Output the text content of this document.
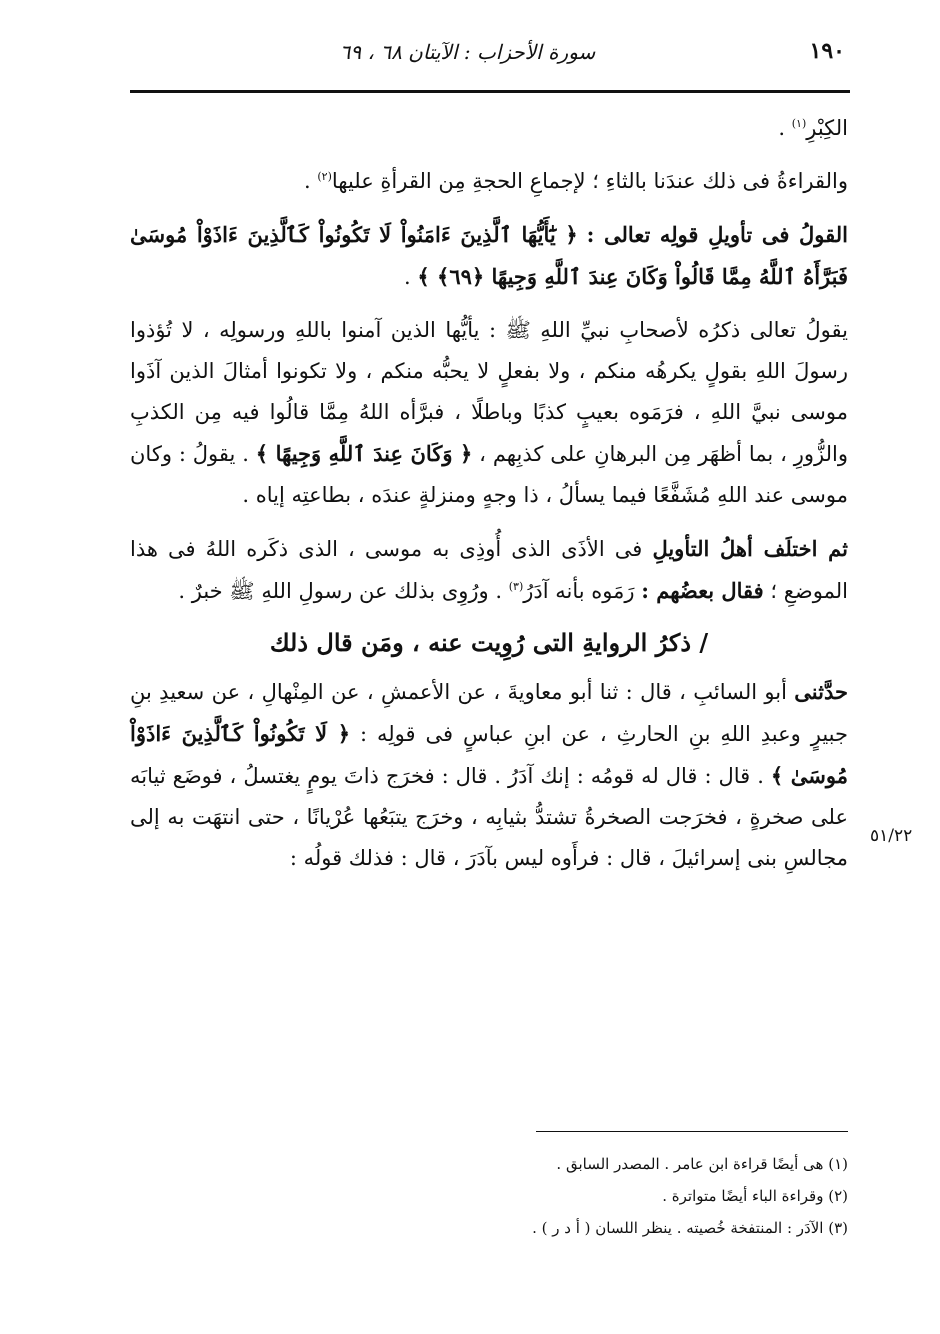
١٩٠
سورة الأحزاب : الآيتان ٦٨ ، ٦٩

الكِبْرِ$^{(١)}$ .

والقراءةُ فى ذلك عندَنا بالثاءِ ؛ لإجماعِ الحجةِ مِن القرأةِ عليها$^{(٢)}$ .

القولُ فى تأويلِ قولِه تعالى : ﴿ يَٰٓأَيُّهَا ٱلَّذِينَ ءَامَنُواْ لَا تَكُونُواْ كَٱلَّذِينَ ءَاذَوْاْ مُوسَىٰ فَبَرَّأَهُ ٱللَّهُ مِمَّا قَالُواْ وَكَانَ عِندَ ٱللَّهِ وَجِيهًا ﴿٦٩﴾ ﴾ .

يقولُ تعالى ذكرُه لأصحابِ نبيِّ اللهِ ﷺ : يأيُّها الذين آمنوا باللهِ ورسولِه ، لا تُؤذوا رسولَ اللهِ بقولٍ يكرهُه منكم ، ولا بفعلٍ لا يحبُّه منكم ، ولا تكونوا أمثالَ الذين آذَوا موسى نبيَّ اللهِ ، فرَمَوه بعيبٍ كذبًا وباطلًا ، فبرَّأه اللهُ مِمَّا قالُوا فيه مِن الكذبِ والزُّورِ ، بما أظهَر مِن البرهانِ على كذبِهم ، ﴿ وَكَانَ عِندَ ٱللَّهِ وَجِيهًا ﴾ . يقولُ : وكان موسى عند اللهِ مُشَفَّعًا فيما يسألُ ، ذا وجهٍ ومنزلةٍ عندَه ، بطاعتِه إياه .

ثم اختلَف أهلُ التأويلِ فى الأذَى الذى أُوذِى به موسى ، الذى ذكَره اللهُ فى هذا الموضعِ ؛ فقال بعضُهم : رَمَوه بأنه آدَرُ$^{(٣)}$ . ورُوِى بذلك عن رسولِ اللهِ ﷺ خبرٌ .

/ ذكرُ الروايةِ التى رُوِيت عنه ، ومَن قال ذلك

حدَّثنى أبو السائبِ ، قال : ثنا أبو معاويةَ ، عن الأعمشِ ، عن المِنْهالِ ، عن سعيدِ بنِ جبيرٍ وعبدِ اللهِ بنِ الحارثِ ، عن ابنِ عباسٍ فى قولِه : ﴿ لَا تَكُونُواْ كَٱلَّذِينَ ءَاذَوْاْ مُوسَىٰ ﴾ . قال : قال له قومُه : إنك آدَرُ . قال : فخرَج ذاتَ يومٍ يغتسلُ ، فوضَع ثيابَه على صخرةٍ ، فخرَجت الصخرةُ تشتدُّ بثيابِه ، وخرَج يتبَعُها عُرْيانًا ، حتى انتهَت به إلى مجالسِ بنى إسرائيلَ ، قال : فرأَوه ليس بآدَرَ ، قال : فذلك قولُه :

٥١/٢٢
(١) هى أيضًا قراءة ابن عامر . المصدر السابق .
(٢) وقراءة الباء أيضًا متواترة .
(٣) الآدَر : المنتفخة خُصيته . ينظر اللسان ( أ د ر ) .
